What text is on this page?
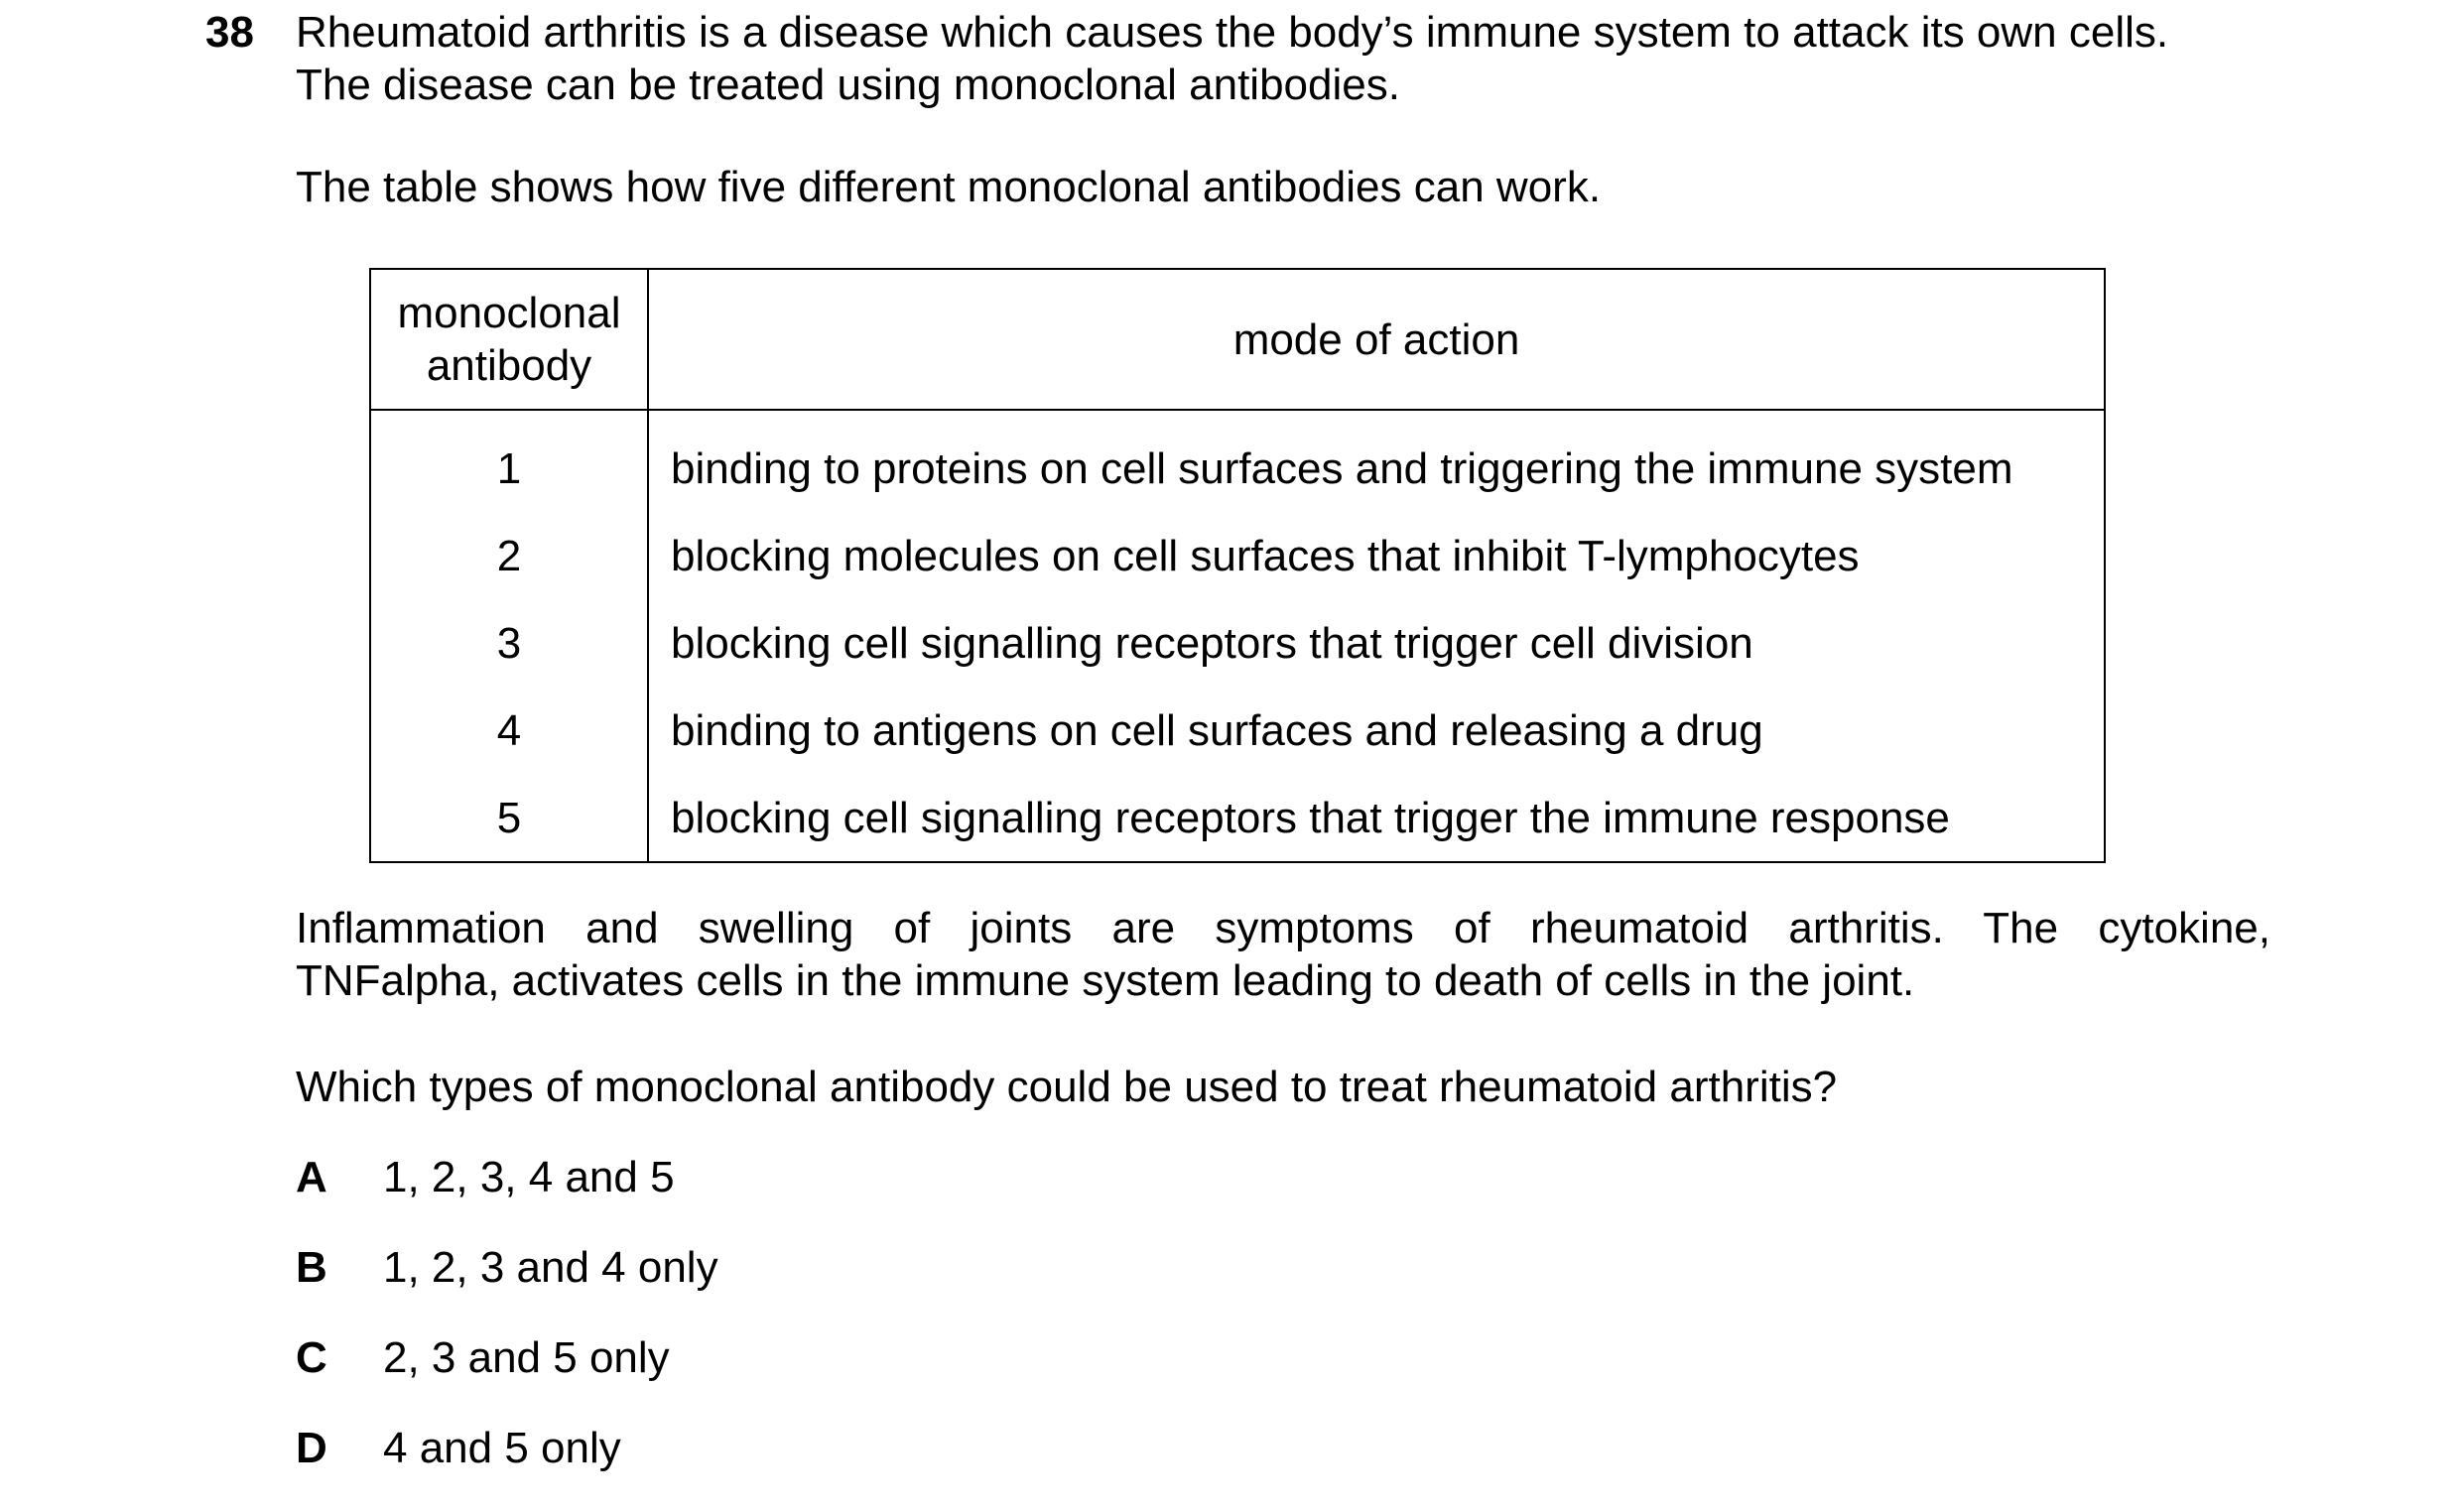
38 Rheumatoid arthritis is a disease which causes the body’s immune system to attack its own cells.
The disease can be treated using monoclonal antibodies.
The table shows how five different monoclonal antibodies can work.
monoclonal antibody	mode of action
1	binding to proteins on cell surfaces and triggering the immune system
2	blocking molecules on cell surfaces that inhibit T-lymphocytes
3	blocking cell signalling receptors that trigger cell division
4	binding to antigens on cell surfaces and releasing a drug
5	blocking cell signalling receptors that trigger the immune response
Inflammation and swelling of joints are symptoms of rheumatoid arthritis. The cytokine,
TNFalpha, activates cells in the immune system leading to death of cells in the joint.
Which types of monoclonal antibody could be used to treat rheumatoid arthritis?
A 1, 2, 3, 4 and 5
B 1, 2, 3 and 4 only
C 2, 3 and 5 only
D 4 and 5 only
